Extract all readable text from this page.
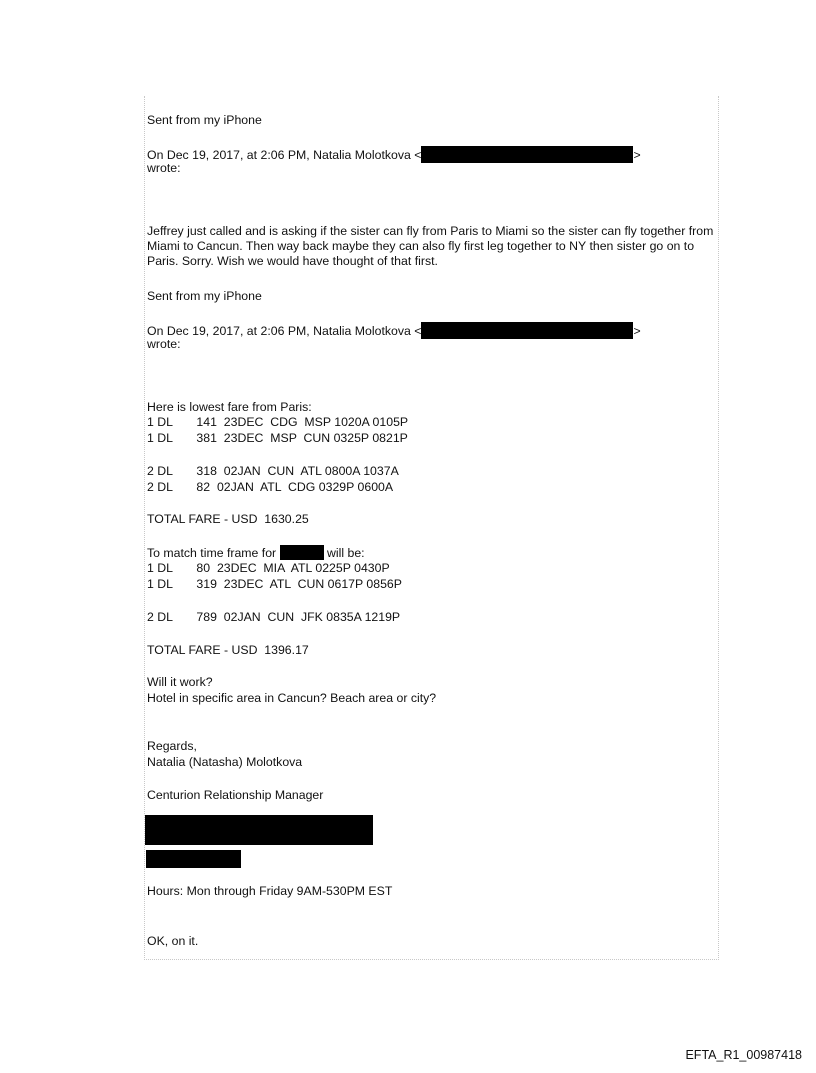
Sent from my iPhone
On Dec 19, 2017, at 2:06 PM, Natalia Molotkova <	>
wrote:
Jeffrey just called and is asking if the sister can fly from Paris to Miami so the sister can fly together from Miami to Cancun. Then way back maybe they can also fly first leg together to NY then sister go on to Paris. Sorry. Wish we would have thought of that first.
Sent from my iPhone
On Dec 19, 2017, at 2:06 PM, Natalia Molotkova <	>
wrote:
Here is lowest fare from Paris:
1 DL       141  23DEC  CDG  MSP 1020A 0105P
1 DL       381  23DEC  MSP  CUN 0325P 0821P
2 DL       318  02JAN  CUN  ATL 0800A 1037A
2 DL       82  02JAN  ATL  CDG 0329P 0600A
TOTAL FARE - USD  1630.25
To match time frame for	will be:
1 DL       80  23DEC  MIA  ATL 0225P 0430P
1 DL       319  23DEC  ATL  CUN 0617P 0856P
2 DL       789  02JAN  CUN  JFK 0835A 1219P
TOTAL FARE - USD  1396.17
Will it work?
Hotel in specific area in Cancun? Beach area or city?
Regards,
Natalia (Natasha) Molotkova
Centurion Relationship Manager
Hours: Mon through Friday 9AM-530PM EST
OK, on it.
EFTA_R1_00987418
